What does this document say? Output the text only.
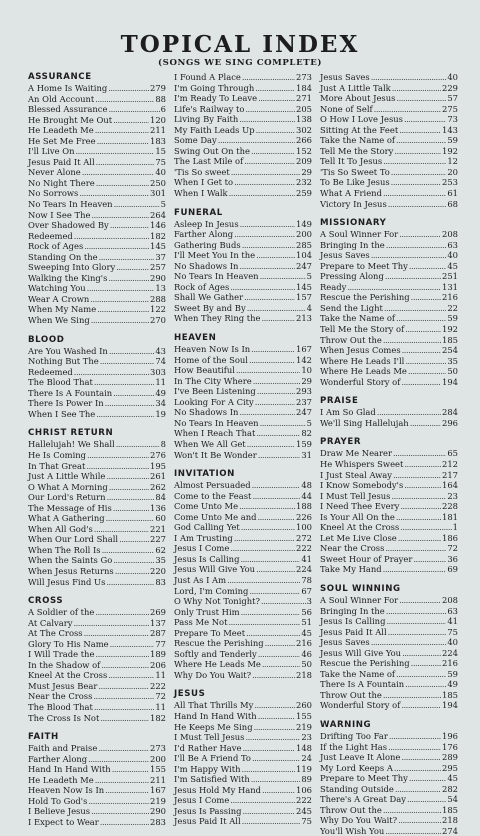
TOPICAL INDEX
(SONGS WE SING COMPLETE)
ASSURANCE
A Home Is Waiting .....	279
An Old Account .....	88
Blessed Assurance .....	6
He Brought Me Out .....	120
He Leadeth Me .....	211
He Set Me Free .....	183
I'll Live On .....	15
Jesus Paid It All .....	75
Never Alone .....	40
No Night There .....	250
No Sorrows .....	301
No Tears In Heaven .....	5
Now I See The .....	264
Over Shadowed By .....	146
Redeemed .....	182
Rock of Ages .....	145
Standing On the .....	37
Sweeping Into Glory .....	257
Walking the King's .....	290
Watching You .....	13
Wear A Crown .....	288
When My Name .....	122
When We Sing .....	270
BLOOD
Are You Washed In .....	43
Nothing But The .....	74
Redeemed .....	303
The Blood That .....	11
There Is A Fountain .....	49
There Is Power In .....	34
When I See The .....	19
CHRIST RETURN
Hallelujah! We Shall .....	8
He Is Coming .....	276
In That Great .....	195
Just A Little While .....	261
O What A Morning .....	262
Our Lord's Return .....	84
The Message of His .....	136
What A Gathering .....	60
When All God's .....	221
When Our Lord Shall .....	227
When The Roll Is .....	62
When the Saints Go .....	35
When Jesus Returns .....	220
Will Jesus Find Us .....	83
CROSS
A Soldier of the .....	269
At Calvary .....	137
At The Cross .....	287
Glory To His Name .....	77
I Will Trade the .....	189
In the Shadow of .....	206
Kneel At the Cross .....	11
Must Jesus Bear .....	222
Near the Cross .....	72
The Blood That .....	11
The Cross Is Not .....	182
FAITH
Faith and Praise .....	273
Farther Along .....	200
Hand In Hand With .....	155
He Leadeth Me .....	211
Heaven Now Is In .....	167
Hold To God's .....	219
I Believe Jesus .....	290
I Expect to Wear .....	283
I Found A Place .....	273
I'm Going Through .....	184
I'm Ready To Leave .....	271
Life's Railway to .....	205
Living By Faith .....	138
My Faith Leads Up .....	302
Some Day .....	266
Swing Out On the .....	152
The Last Mile of .....	209
'Tis So sweet .....	29
When I Get to .....	232
When I Walk .....	259
FUNERAL
Asleep In Jesus .....	149
Farther Along .....	200
Gathering Buds .....	285
I'll Meet You In the .....	104
No Shadows In .....	247
No Tears In Heaven .....	5
Rock of Ages .....	145
Shall We Gather .....	157
Sweet By and By .....	4
When They Ring the .....	213
HEAVEN
Heaven Now Is In .....	167
Home of the Soul .....	142
How Beautiful .....	10
In The City Where .....	29
I've Been Listening .....	293
Looking For A City .....	237
No Shadows In .....	247
No Tears In Heaven .....	5
When I Reach That .....	82
When We All Get .....	159
Won't It Be Wonder .....	31
INVITATION
Almost Persuaded .....	48
Come to the Feast .....	44
Come Unto Me .....	188
Come Unto Me and .....	226
God Calling Yet .....	100
I Am Trusting .....	272
Jesus I Come .....	222
Jesus Is Calling .....	41
Jesus Will Give You .....	224
Just As I Am .....	78
Lord, I'm Coming .....	67
O Why Not Tonight? .....	3
Only Trust Him .....	56
Pass Me Not .....	51
Prepare To Meet .....	45
Rescue the Perishing .....	216
Softly and Tenderly .....	46
Where He Leads Me .....	50
Why Do You Wait? .....	218
JESUS
All That Thrills My .....	260
Hand In Hand With .....	155
He Keeps Me Sing .....	219
I Must Tell Jesus .....	23
I'd Rather Have .....	148
I'll Be A Friend To .....	24
I'm Happy With .....	119
I'm Satisfied With .....	89
Jesus Hold My Hand .....	106
Jesus I Come .....	222
Jesus Is Passing .....	245
Jesus Paid It All .....	75
Jesus Saves .....	40
Just A Little Talk .....	229
More About Jesus .....	57
None of Self .....	275
O How I Love Jesus .....	73
Sitting At the Feet .....	143
Take the Name of .....	59
Tell Me the Story .....	192
Tell It To Jesus .....	12
'Tis So Sweet To .....	20
To Be Like Jesus .....	253
What A Friend .....	61
Victory In Jesus .....	68
MISSIONARY
A Soul Winner For .....	208
Bringing In the .....	63
Jesus Saves .....	40
Prepare to Meet Thy .....	45
Pressing Along .....	251
Ready .....	131
Rescue the Perishing .....	216
Send the Light .....	22
Take the Name of .....	59
Tell Me the Story of .....	192
Throw Out the .....	185
When Jesus Comes .....	254
Where He Leads I'll .....	35
Where He Leads Me .....	50
Wonderful Story of .....	194
PRAISE
I Am So Glad .....	284
We'll Sing Hallelujah .....	296
PRAYER
Draw Me Nearer .....	65
He Whispers Sweet .....	212
I Just Steal Away .....	217
I Know Somebody's .....	164
I Must Tell Jesus .....	23
I Need Thee Every .....	228
Is Your All On the .....	181
Kneel At the Cross .....	1
Let Me Live Close .....	186
Near the Cross .....	72
Sweet Hour of Prayer .....	36
Take My Hand .....	69
SOUL WINNING
A Soul Winner For .....	208
Bringing In the .....	63
Jesus Is Calling .....	41
Jesus Paid It All .....	75
Jesus Saves .....	40
Jesus Will Give You .....	224
Rescue the Perishing .....	216
Take the Name of .....	59
There Is A Fountain .....	49
Throw Out the .....	185
Wonderful Story of .....	194
WARNING
Drifting Too Far .....	196
If the Light Has .....	176
Just Leave It Alone .....	289
My Lord Keeps A .....	295
Prepare to Meet Thy .....	45
Standing Outside .....	282
There's A Great Day .....	54
Throw Out the .....	185
Why Do You Wait? .....	218
You'll Wish You .....	274
